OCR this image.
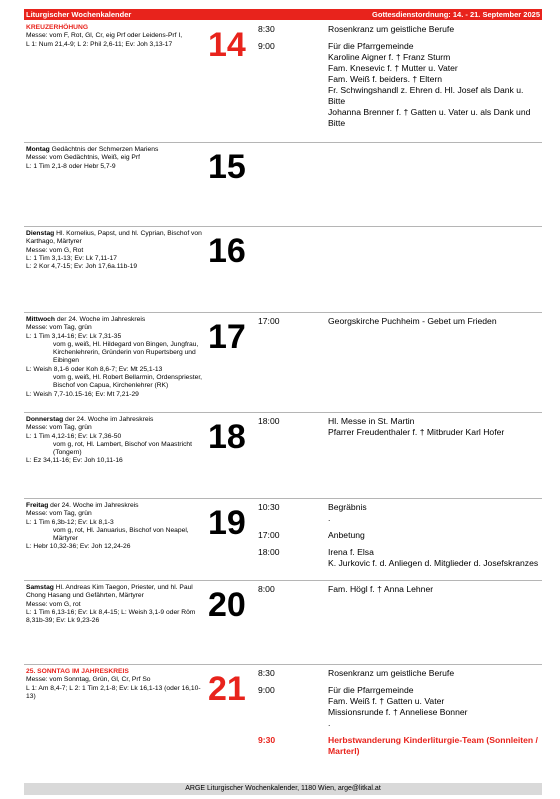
Liturgischer Wochenkalender	Gottesdienstordnung: 14. - 21. September 2025
KREUZERHÖHUNG
Messe: vom F, Rot, Gl, Cr, eig Prf oder Leidens-Prf I,
L 1: Num 21,4-9; L 2: Phil 2,6-11; Ev: Joh 3,13-17	14	8:30	Rosenkranz um geistliche Berufe
9:00	Für die Pfarrgemeinde
Karoline Aigner f. † Franz Sturm
Fam. Knesevic f. † Mutter u. Vater
Fam. Weiß f. beiders. † Eltern
Fr. Schwingshandl z. Ehren d. Hl. Josef als Dank u. Bitte
Johanna Brenner f. † Gatten u. Vater u. als Dank und Bitte
Montag Gedächtnis der Schmerzen Mariens
Messe: vom Gedächtnis, Weiß, eig Prf
L: 1 Tim 2,1-8 oder Hebr 5,7-9	15
Dienstag Hl. Kornelius, Papst, und hl. Cyprian, Bischof von Karthago, Märtyrer
Messe: vom G, Rot
L: 1 Tim 3,1-13; Ev: Lk 7,11-17
L: 2 Kor 4,7-15; Ev: Joh 17,6a.11b-19	16
Mittwoch der 24. Woche im Jahreskreis
Messe: vom Tag, grün
L: 1 Tim 3,14-16; Ev: Lk 7,31-35
vom g, weiß, Hl. Hildegard von Bingen, Jungfrau, Kirchenlehrerin, Gründerin von Rupertsberg und Eibingen
L: Weish 8,1-6 oder Koh 8,6-7; Ev: Mt 25,1-13
vom g, weiß, Hl. Robert Bellarmin, Ordenspriester, Bischof von Capua, Kirchenlehrer (RK)
L: Weish 7,7-10.15-16; Ev: Mt 7,21-29
17	17:00	Georgskirche Puchheim - Gebet um Frieden
Donnerstag der 24. Woche im Jahreskreis
Messe: vom Tag, grün
L: 1 Tim 4,12-16; Ev: Lk 7,36-50
vom g, rot, Hl. Lambert, Bischof von Maastricht (Tongern)
L: Ez 34,11-16; Ev: Joh 10,11-16
18	18:00	Hl. Messe in St. Martin
Pfarrer Freudenthaler f. † Mitbruder Karl Hofer
Freitag der 24. Woche im Jahreskreis
Messe: vom Tag, grün
L: 1 Tim 6,3b-12; Ev: Lk 8,1-3
vom g, rot, Hl. Januarius, Bischof von Neapel, Märtyrer
L: Hebr 10,32-36; Ev: Joh 12,24-26
19	10:30	Begräbnis
.
17:00	Anbetung
18:00	Irena f. Elsa
K. Jurkovic f. d. Anliegen d. Mitglieder d. Josefskranzes
Samstag Hl. Andreas Kim Taegon, Priester, und hl. Paul Chong Hasang und Gefährten, Märtyrer
Messe: vom G, rot
L: 1 Tim 6,13-16; Ev: Lk 8,4-15; L: Weish 3,1-9 oder Röm 8,31b-39; Ev: Lk 9,23-26	20	8:00	Fam. Högl f. † Anna Lehner
25. SONNTAG IM JAHRESKREIS
Messe: vom Sonntag, Grün, Gl, Cr, Prf So
L 1: Am 8,4-7; L 2: 1 Tim 2,1-8; Ev: Lk 16,1-13 (oder 16,10-13)	21	8:30	Rosenkranz um geistliche Berufe
9:00	Für die Pfarrgemeinde
Fam. Weiß f. † Gatten u. Vater
Missionsrunde f. † Anneliese Bonner
.
9:30	Herbstwanderung Kinderliturgie-Team (Sonnleiten / Marterl)
ARGE Liturgischer Wochenkalender, 1180 Wien, arge@litkal.at
